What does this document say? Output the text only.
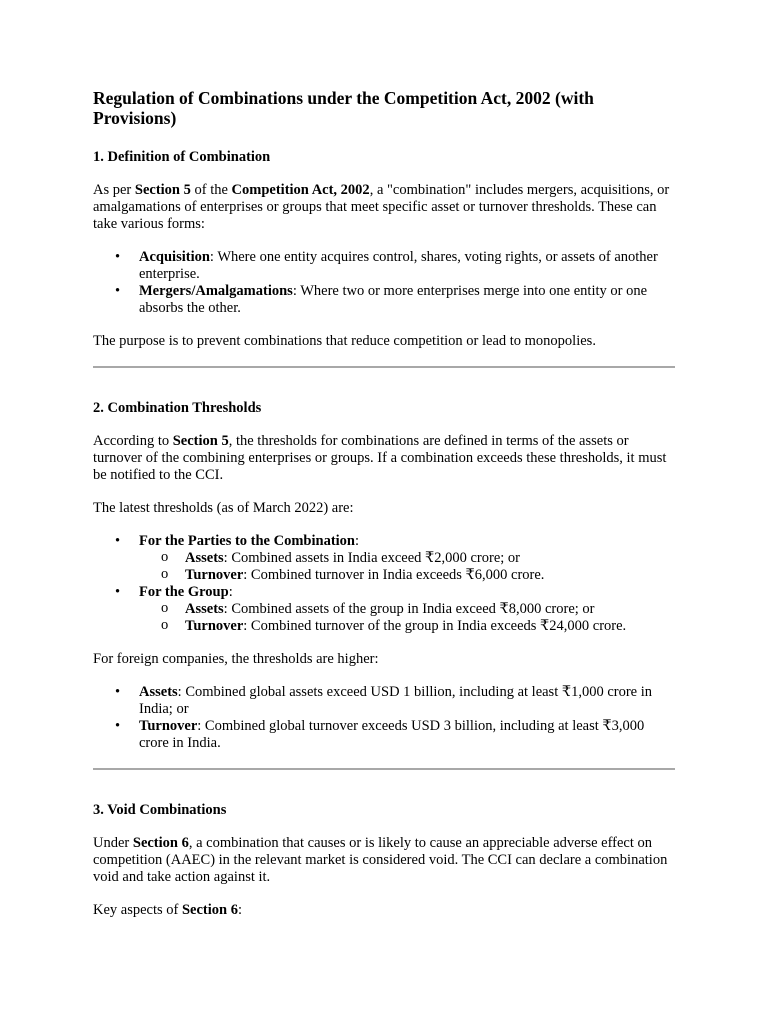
Regulation of Combinations under the Competition Act, 2002 (with Provisions)
1. Definition of Combination

As per Section 5 of the Competition Act, 2002, a "combination" includes mergers, acquisitions, or amalgamations of enterprises or groups that meet specific asset or turnover thresholds. These can take various forms:

• Acquisition: Where one entity acquires control, shares, voting rights, or assets of another enterprise.
• Mergers/Amalgamations: Where two or more enterprises merge into one entity or one absorbs the other.

The purpose is to prevent combinations that reduce competition or lead to monopolies.

2. Combination Thresholds

According to Section 5, the thresholds for combinations are defined in terms of the assets or turnover of the combining enterprises or groups. If a combination exceeds these thresholds, it must be notified to the CCI.

The latest thresholds (as of March 2022) are:

• For the Parties to the Combination:
o Assets: Combined assets in India exceed ₹2,000 crore; or
o Turnover: Combined turnover in India exceeds ₹6,000 crore.
• For the Group:
o Assets: Combined assets of the group in India exceed ₹8,000 crore; or
o Turnover: Combined turnover of the group in India exceeds ₹24,000 crore.

For foreign companies, the thresholds are higher:

• Assets: Combined global assets exceed USD 1 billion, including at least ₹1,000 crore in India; or
• Turnover: Combined global turnover exceeds USD 3 billion, including at least ₹3,000 crore in India.
3. Void Combinations

Under Section 6, a combination that causes or is likely to cause an appreciable adverse effect on competition (AAEC) in the relevant market is considered void. The CCI can declare a combination void and take action against it.

Key aspects of Section 6:
